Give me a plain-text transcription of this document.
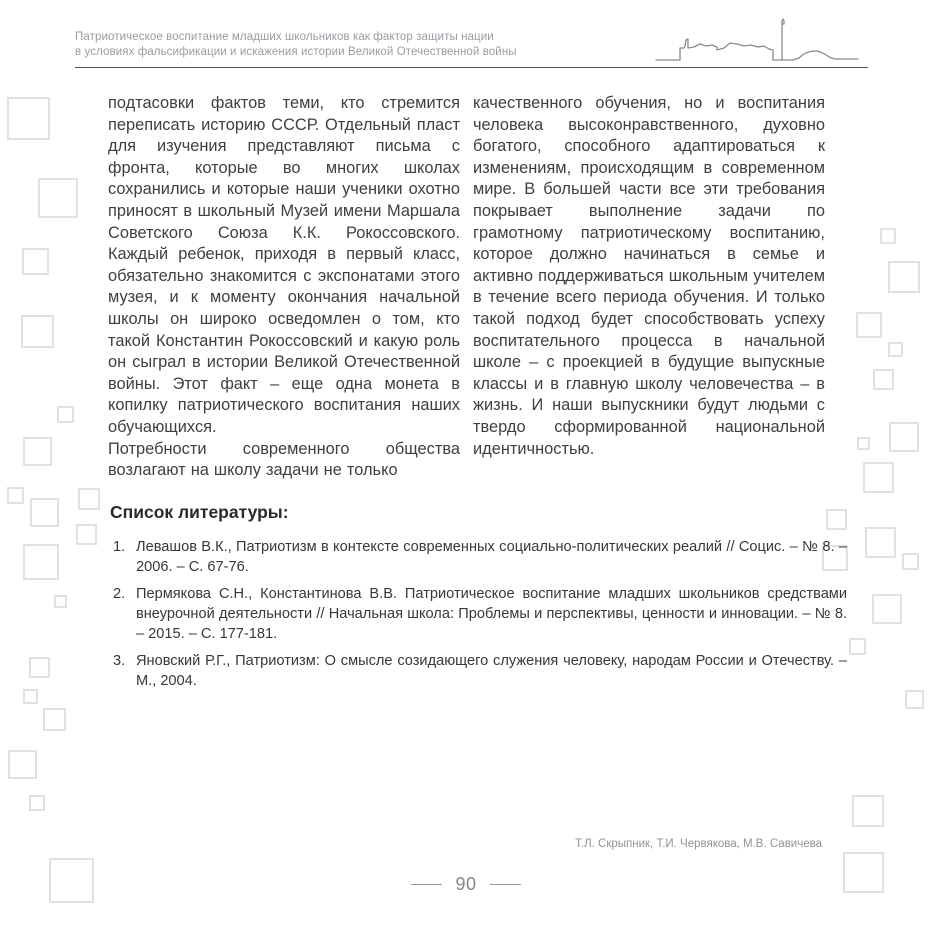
Патриотическое воспитание младших школьников как фактор защиты нации
в условиях фальсификации и искажения истории Великой Отечественной войны

подтасовки фактов теми, кто стремится переписать историю СССР. Отдельный пласт для изучения представляют письма с фронта, которые во многих школах сохранились и которые наши ученики охотно приносят в школьный Музей имени Маршала Советского Союза К.К. Рокоссовского. Каждый ребенок, приходя в первый класс, обязательно знакомится с экспонатами этого музея, и к моменту окончания начальной школы он широко осведомлен о том, кто такой Константин Рокоссовский и какую роль он сыграл в истории Великой Отечественной войны. Этот факт – еще одна монета в копилку патриотического воспитания наших обучающихся.

Потребности современного общества возлагают на школу задачи не только

качественного обучения, но и воспитания человека высоконравственного, духовно богатого, способного адаптироваться к изменениям, происходящим в современном мире. В большей части все эти требования покрывает выполнение задачи по грамотному патриотическому воспитанию, которое должно начинаться в семье и активно поддерживаться школьным учителем в течение всего периода обучения. И только такой подход будет способствовать успеху воспитательного процесса в начальной школе – с проекцией в будущие выпускные классы и в главную школу человечества – в жизнь. И наши выпускники будут людьми с твердо сформированной национальной идентичностью.

Список литературы:
1. Левашов В.К., Патриотизм в контексте современных социально-политических реалий // Социс. – № 8. – 2006. – С. 67-76.
2. Пермякова С.Н., Константинова В.В. Патриотическое воспитание младших школьников средствами внеурочной деятельности // Начальная школа: Проблемы и перспективы, ценности и инновации. – № 8. – 2015. – С. 177-181.
3. Яновский Р.Г., Патриотизм: О смысле созидающего служения человеку, народам России и Отечеству. – М., 2004.
Т.Л. Скрыпник, Т.И. Червякова, М.В. Савичева
90
